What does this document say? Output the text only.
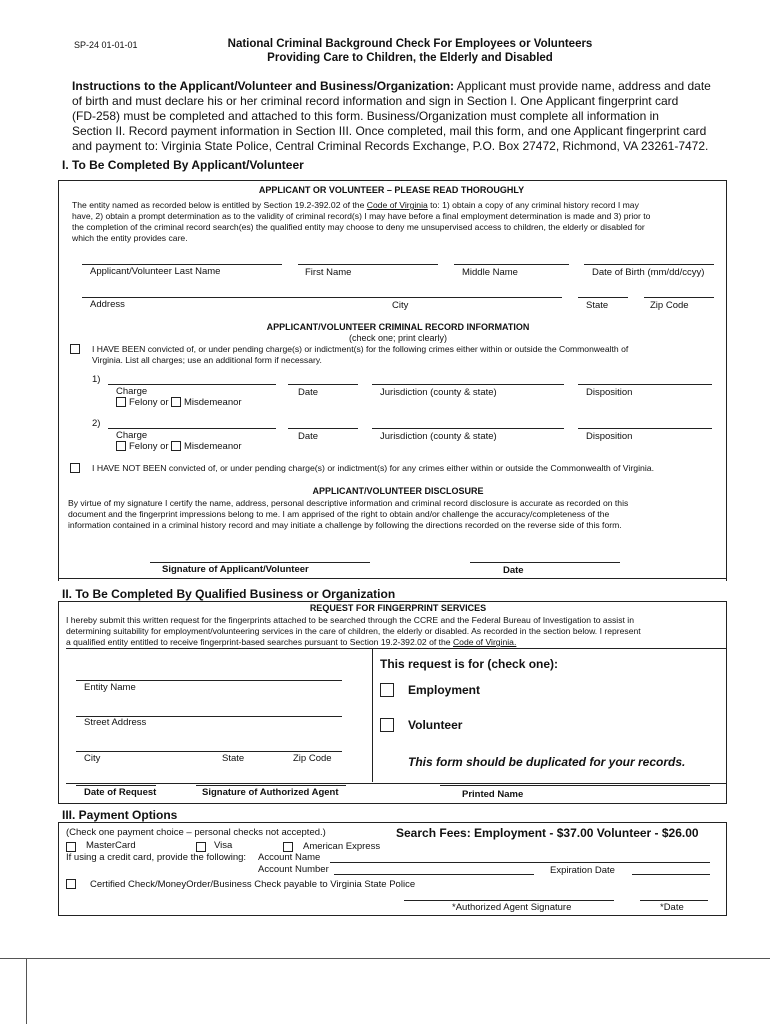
SP-24 01-01-01	National Criminal Background Check For Employees or Volunteers
Providing Care to Children, the Elderly and Disabled
Instructions to the Applicant/Volunteer and Business/Organization: Applicant must provide name, address and date
of birth and must declare his or her criminal record information and sign in Section I. One Applicant fingerprint card
(FD-258) must be completed and attached to this form. Business/Organization must complete all information in
Section II. Record payment information in Section III. Once completed, mail this form, and one Applicant fingerprint card
and payment to: Virginia State Police, Central Criminal Records Exchange, P.O. Box 27472, Richmond, VA 23261-7472.
I. To Be Completed By Applicant/Volunteer
APPLICANT OR VOLUNTEER – PLEASE READ THOROUGHLY
The entity named as recorded below is entitled by Section 19.2-392.02 of the Code of Virginia to: 1) obtain a copy of any criminal history record I may
have, 2) obtain a prompt determination as to the validity of criminal record(s) I may have before a final employment determination is made and 3) prior to
the completion of the criminal record search(es) the qualified entity may choose to deny me unsupervised access to children, the elderly or disabled for
which the entity provides care.
Applicant/Volunteer Last Name	First Name	Middle Name	Date of Birth (mm/dd/ccyy)
Address	City	State	Zip Code
APPLICANT/VOLUNTEER CRIMINAL RECORD INFORMATION
(check one; print clearly)
I HAVE BEEN convicted of, or under pending charge(s) or indictment(s) for the following crimes either within or outside the Commonwealth of
Virginia. List all charges; use an additional form if necessary.
1)
Charge	Date	Jurisdiction (county & state)	Disposition
Felony or Misdemeanor
2)
Charge	Date	Jurisdiction (county & state)	Disposition
Felony or Misdemeanor
I HAVE NOT BEEN convicted of, or under pending charge(s) or indictment(s) for any crimes either within or outside the Commonwealth of Virginia.
APPLICANT/VOLUNTEER DISCLOSURE
By virtue of my signature I certify the name, address, personal descriptive information and criminal record disclosure is accurate as recorded on this
document and the fingerprint impressions belong to me. I am apprised of the right to obtain and/or challenge the accuracy/completeness of the
information contained in a criminal history record and may initiate a challenge by following the directions recorded on the reverse side of this form.
Signature of Applicant/Volunteer	Date
II. To Be Completed By Qualified Business or Organization
REQUEST FOR FINGERPRINT SERVICES
I hereby submit this written request for the fingerprints attached to be searched through the CCRE and the Federal Bureau of Investigation to assist in
determining suitability for employment/volunteering services in the care of children, the elderly or disabled. As recorded in the section below. I represent
a qualified entity entitled to receive fingerprint-based searches pursuant to Section 19.2-392.02 of the Code of Virginia.
Entity Name
Street Address
City	State	Zip Code
This request is for (check one):
Employment
Volunteer
This form should be duplicated for your records.
Date of Request	Signature of Authorized Agent	Printed Name
III. Payment Options
(Check one payment choice – personal checks not accepted.)	Search Fees: Employment - $37.00 Volunteer - $26.00
MasterCard	Visa	American Express
If using a credit card, provide the following: Account Name
Account Number	Expiration Date
Certified Check/MoneyOrder/Business Check payable to Virginia State Police
*Authorized Agent Signature	*Date
